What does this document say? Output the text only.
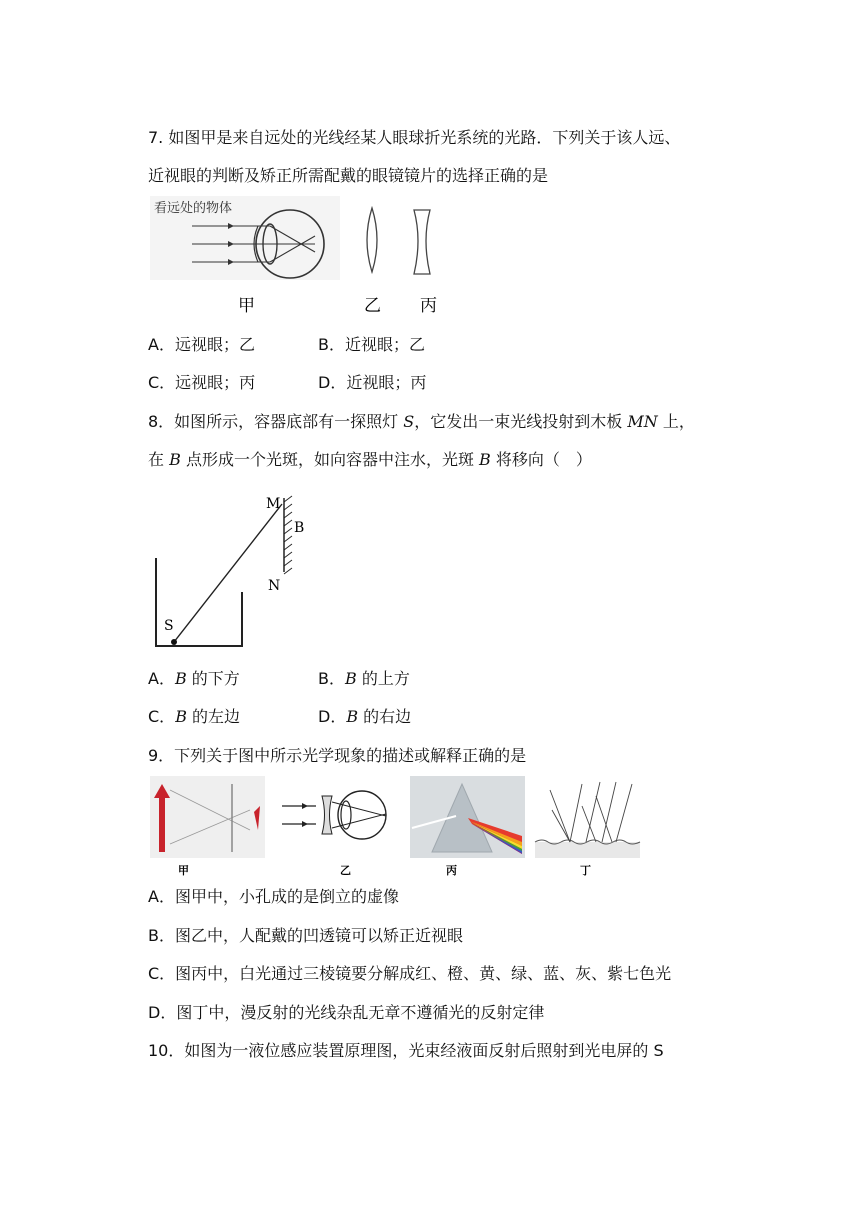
7. 如图甲是来自远处的光线经某人眼球折光系统的光路．下列关于该人远、
近视眼的判断及矫正所需配戴的眼镜镜片的选择正确的是
看远处的物体
甲	乙 丙
A．远视眼；乙	B．近视眼；乙
C．远视眼；丙	D．近视眼；丙
8．如图所示，容器底部有一探照灯 S，它发出一束光线投射到木板 MN 上，
在 B 点形成一个光斑，如向容器中注水，光斑 B 将移向（　）
M
B
N
S
A．B 的下方	B．B 的上方
C．B 的左边	D．B 的右边
9．下列关于图中所示光学现象的描述或解释正确的是
甲	乙	丙	丁
A．图甲中，小孔成的是倒立的虚像
B．图乙中，人配戴的凹透镜可以矫正近视眼
C．图丙中，白光通过三棱镜要分解成红、橙、黄、绿、蓝、灰、紫七色光
D．图丁中，漫反射的光线杂乱无章不遵循光的反射定律
10．如图为一液位感应装置原理图，光束经液面反射后照射到光电屏的 S
